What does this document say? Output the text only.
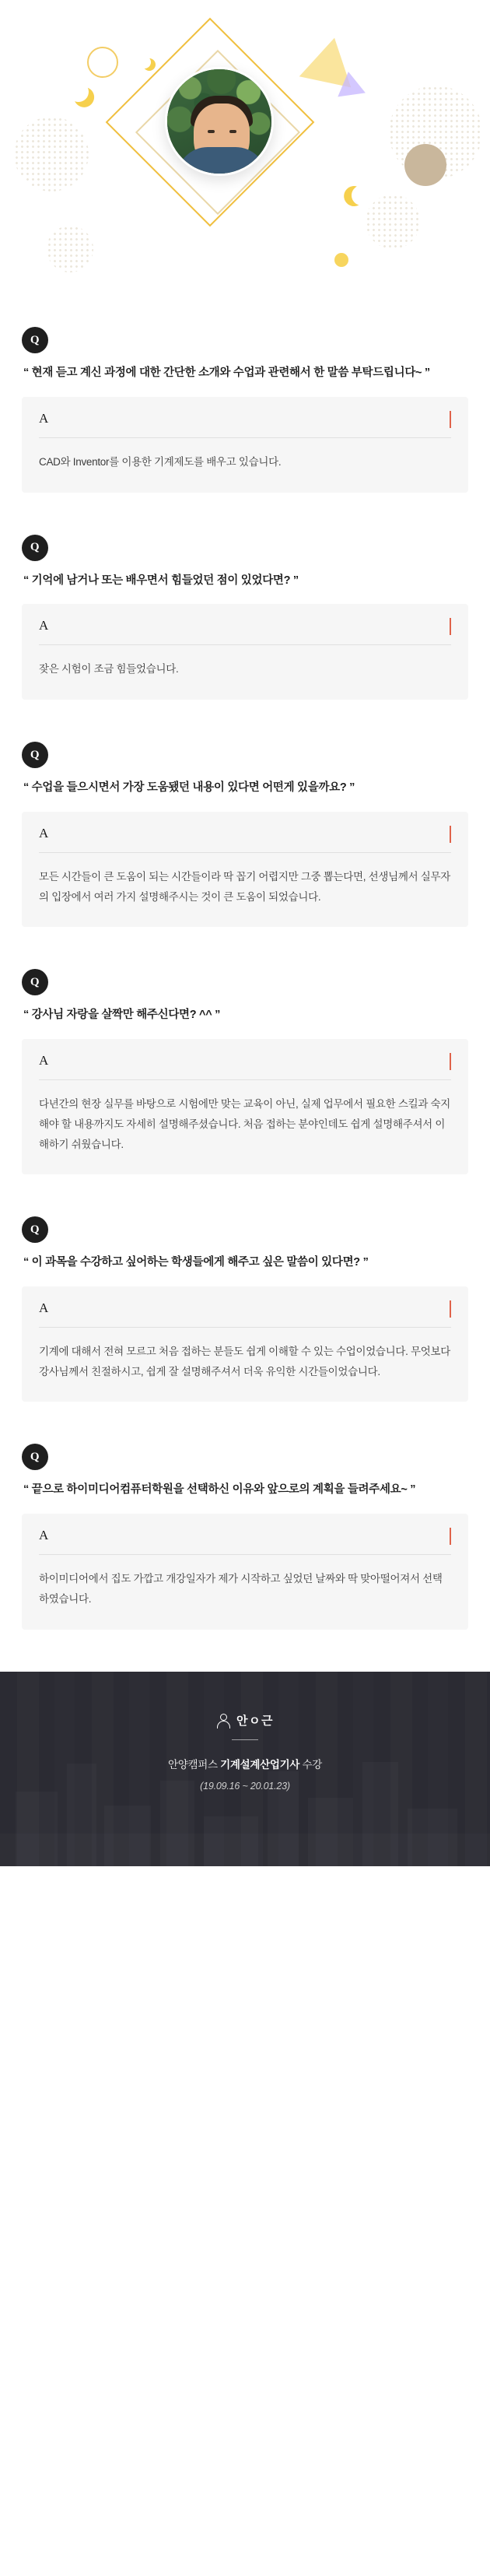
Q

“ 현재 듣고 계신 과정에 대한 간단한 소개와 수업과 관련해서 한 말씀 부탁드립니다~ ”

A

CAD와 Inventor를 이용한 기계제도를 배우고 있습니다.

Q

“ 기억에 남거나 또는 배우면서 힘들었던 점이 있었다면? ”

A

잦은 시험이 조금 힘들었습니다.

Q

“ 수업을 들으시면서 가장 도움됐던 내용이 있다면 어떤게 있을까요? ”

A

모든 시간들이 큰 도움이 되는 시간들이라 딱 꼽기 어렵지만 그중 뽑는다면, 선생님께서 실무자의 입장에서 여러 가지 설명해주시는 것이 큰 도움이 되었습니다.

Q

“ 강사님 자랑을 살짝만 해주신다면? ^^ ”

A

다년간의 현장 실무를 바탕으로 시험에만 맞는 교육이 아닌, 실제 업무에서 필요한 스킬과 숙지해야 할 내용까지도 자세히 설명해주셨습니다. 처음 접하는 분야인데도 쉽게 설명해주셔서 이해하기 쉬웠습니다.

Q

“ 이 과목을 수강하고 싶어하는 학생들에게 해주고 싶은 말씀이 있다면? ”

A

기계에 대해서 전혀 모르고 처음 접하는 분들도 쉽게 이해할 수 있는 수업이었습니다. 무엇보다 강사님께서 친절하시고, 쉽게 잘 설명해주셔서 더욱 유익한 시간들이었습니다.

Q

“ 끝으로 하이미디어컴퓨터학원을 선택하신 이유와 앞으로의 계획을 들려주세요~ ”

A

하이미디어에서 집도 가깝고 개강일자가 제가 시작하고 싶었던 날짜와 딱 맞아떨어져서 선택하였습니다.

안ㅇ근
안양캠퍼스 기계설계산업기사 수강
(19.09.16 ~ 20.01.23)
